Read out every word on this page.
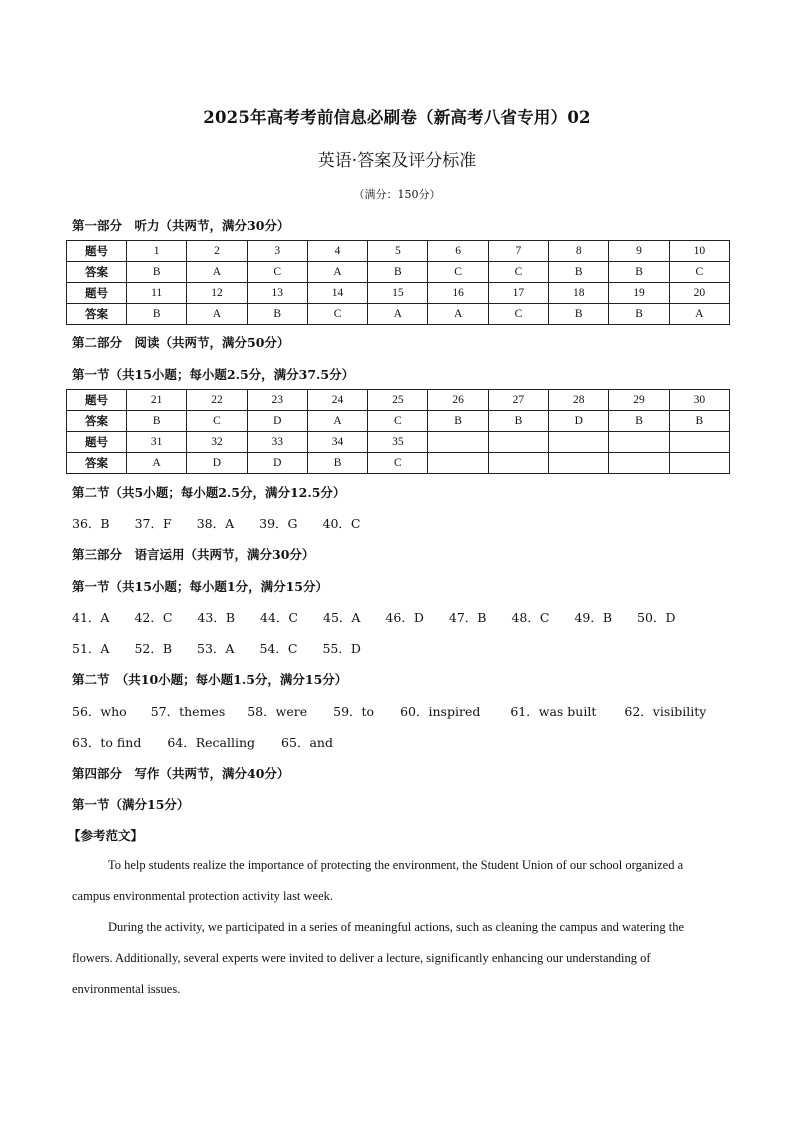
2025年高考考前信息必刷卷（新高考八省专用）02
英语·答案及评分标准
（满分：150分）
第一部分　听力（共两节，满分30分）
题号	1	2	3	4	5	6	7	8	9	10
答案	B	A	C	A	B	C	C	B	B	C
题号	11	12	13	14	15	16	17	18	19	20
答案	B	A	B	C	A	A	C	B	B	A
第二部分　阅读（共两节，满分50分）
第一节（共15小题；每小题2.5分，满分37.5分）
题号	21	22	23	24	25	26	27	28	29	30
答案	B	C	D	A	C	B	B	D	B	B
题号	31	32	33	34	35					
答案	A	D	D	B	C					
第二节（共5小题；每小题2.5分，满分12.5分）
36．B 37．F 38．A 39．G 40．C
第三部分　语言运用（共两节，满分30分）
第一节（共15小题；每小题1分，满分15分）
41．A 42．C 43．B 44．C 45．A 46．D 47．B 48．C 49．B 50．D
51．A 52．B 53．A 54．C 55．D
第二节　（共10小题；每小题1.5分，满分15分）
56．who 57．themes 58．were 59．to 60．inspired 61．was built 62．visibility
63．to find 64．Recalling 65．and
第四部分　写作（共两节，满分40分）
第一节（满分15分）
【参考范文】

To help students realize the importance of protecting the environment, the Student Union of our school organized a campus environmental protection activity last week.

During the activity, we participated in a series of meaningful actions, such as cleaning the campus and watering the flowers. Additionally, several experts were invited to deliver a lecture, significantly enhancing our understanding of environmental issues.
